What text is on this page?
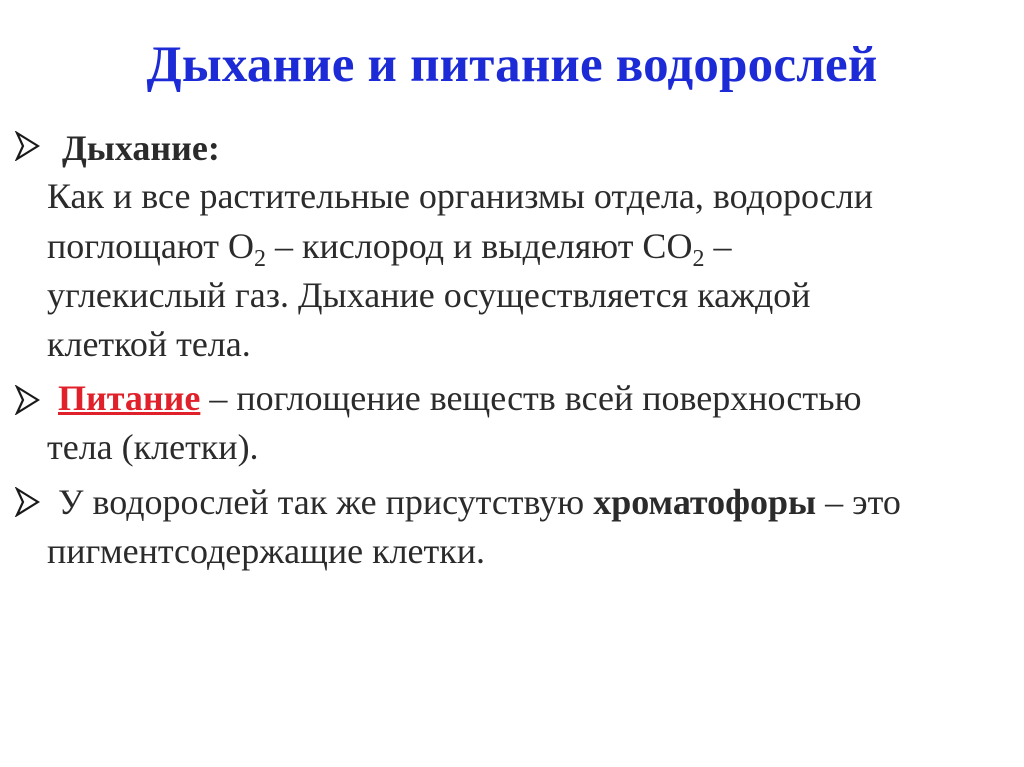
Дыхание и питание водорослей
Дыхание:
Как и все растительные организмы отдела, водоросли
поглощают $О_2$ – кислород и выделяют $СО_2$ –
углекислый газ. Дыхание осуществляется каждой
клеткой тела.
Питание – поглощение веществ всей поверхностью
тела (клетки).
У водорослей так же присутствую хроматофоры – это
пигментсодержащие клетки.
